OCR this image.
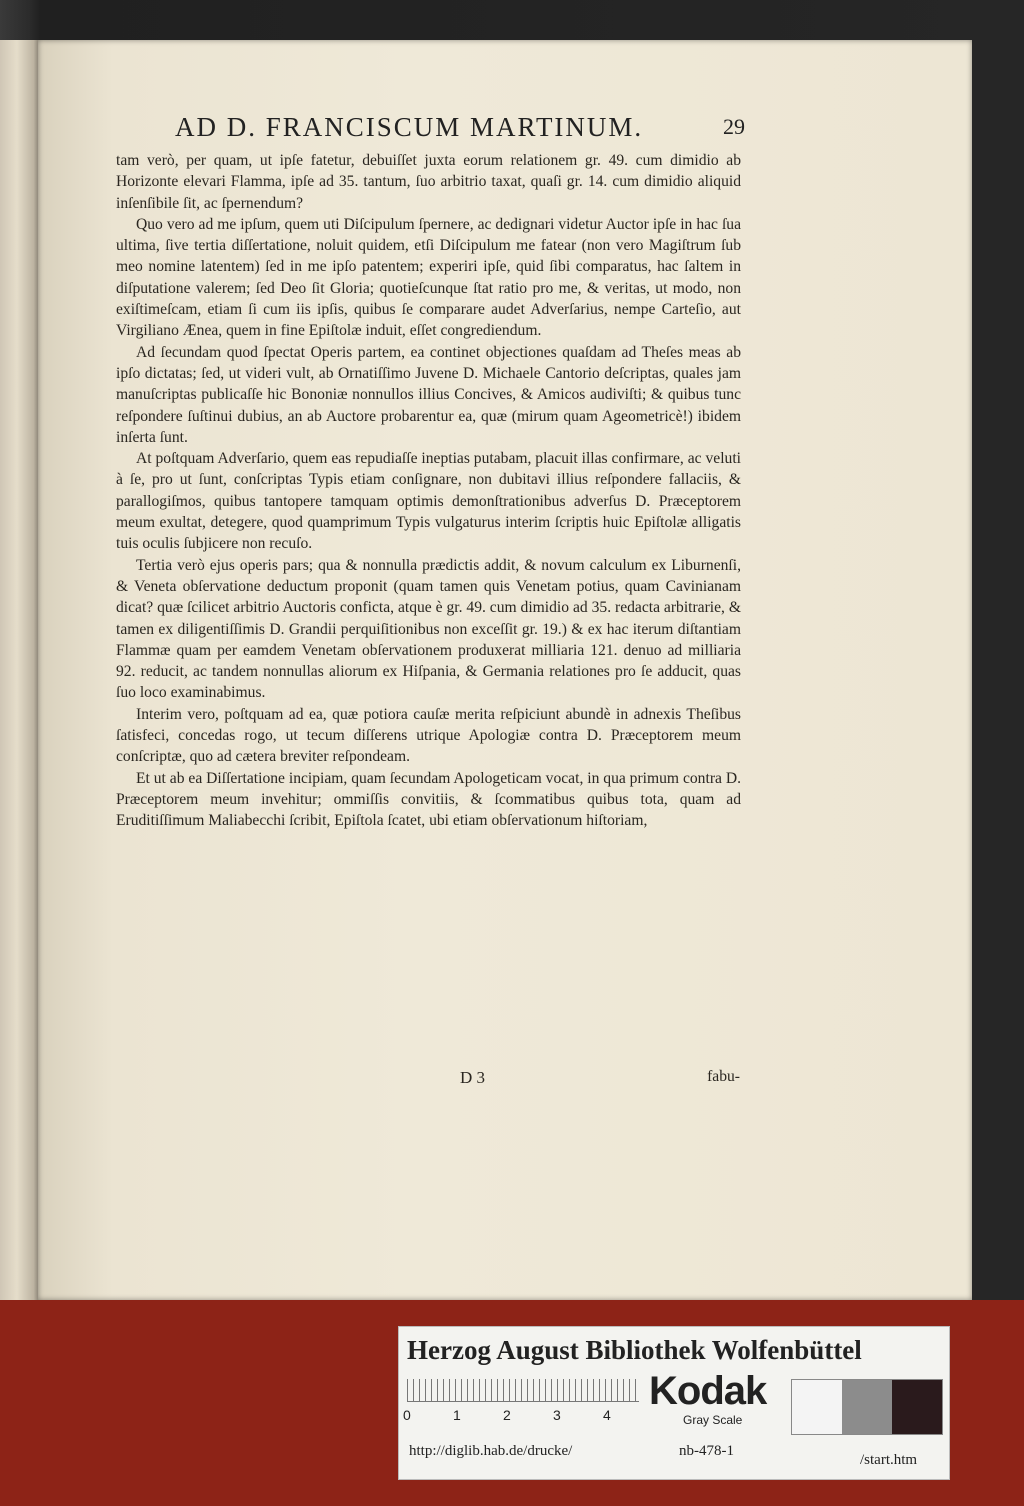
AD D. FRANCISCUM MARTINUM.	29

tam verò, per quam, ut ipſe fatetur, debuiſſet juxta eorum relationem gr. 49. cum dimidio ab Horizonte elevari Flamma, ipſe ad 35. tantum, ſuo arbitrio taxat, quaſi gr. 14. cum dimidio aliquid inſenſibile ſit, ac ſpernendum?

Quo vero ad me ipſum, quem uti Diſcipulum ſpernere, ac dedignari videtur Auctor ipſe in hac ſua ultima, ſive tertia diſſertatione, noluit quidem, etſi Diſcipulum me fatear (non vero Magiſtrum ſub meo nomine latentem) ſed in me ipſo patentem; experiri ipſe, quid ſibi comparatus, hac ſaltem in diſputatione valerem; ſed Deo ſit Gloria; quotieſcunque ſtat ratio pro me, & veritas, ut modo, non exiſtimeſcam, etiam ſi cum iis ipſis, quibus ſe comparare audet Adverſarius, nempe Carteſio, aut Virgiliano Ænea, quem in fine Epiſtolæ induit, eſſet congrediendum.

Ad ſecundam quod ſpectat Operis partem, ea continet objectiones quaſdam ad Theſes meas ab ipſo dictatas; ſed, ut videri vult, ab Ornatiſſimo Juvene D. Michaele Cantorio deſcriptas, quales jam manuſcriptas publicaſſe hic Bononiæ nonnullos illius Concives, & Amicos audiviſti; & quibus tunc reſpondere ſuſtinui dubius, an ab Auctore probarentur ea, quæ (mirum quam Ageometricè!) ibidem inſerta ſunt.

At poſtquam Adverſario, quem eas repudiaſſe ineptias putabam, placuit illas confirmare, ac veluti à ſe, pro ut ſunt, conſcriptas Typis etiam conſignare, non dubitavi illius reſpondere fallaciis, & parallogiſmos, quibus tantopere tamquam optimis demonſtrationibus adverſus D. Præceptorem meum exultat, detegere, quod quamprimum Typis vulgaturus interim ſcriptis huic Epiſtolæ alligatis tuis oculis ſubjicere non recuſo.

Tertia verò ejus operis pars; qua & nonnulla prædictis addit, & novum calculum ex Liburnenſi, & Veneta obſervatione deductum proponit (quam tamen quis Venetam potius, quam Cavinianam dicat? quæ ſcilicet arbitrio Auctoris conficta, atque è gr. 49. cum dimidio ad 35. redacta arbitrarie, & tamen ex diligentiſſimis D. Grandii perquiſitionibus non exceſſit gr. 19.) & ex hac iterum diſtantiam Flammæ quam per eamdem Venetam obſervationem produxerat milliaria 121. denuo ad milliaria 92. reducit, ac tandem nonnullas aliorum ex Hiſpania, & Germania relationes pro ſe adducit, quas ſuo loco examinabimus.

Interim vero, poſtquam ad ea, quæ potiora cauſæ merita reſpiciunt abundè in adnexis Theſibus ſatisfeci, concedas rogo, ut tecum diſſerens utrique Apologiæ contra D. Præceptorem meum conſcriptæ, quo ad cætera breviter reſpondeam.

Et ut ab ea Diſſertatione incipiam, quam ſecundam Apologeticam vocat, in qua primum contra D. Præceptorem meum invehitur; ommiſſis convitiis, & ſcommatibus quibus tota, quam ad Eruditiſſimum Maliabecchi ſcribit, Epiſtola ſcatet, ubi etiam obſervationum hiſtoriam,

D 3	fabu-
Herzog August Bibliothek Wolfenbüttel
0	1	2	3	4
Kodak
Gray Scale
http://diglib.hab.de/drucke/	nb-478-1
/start.htm
